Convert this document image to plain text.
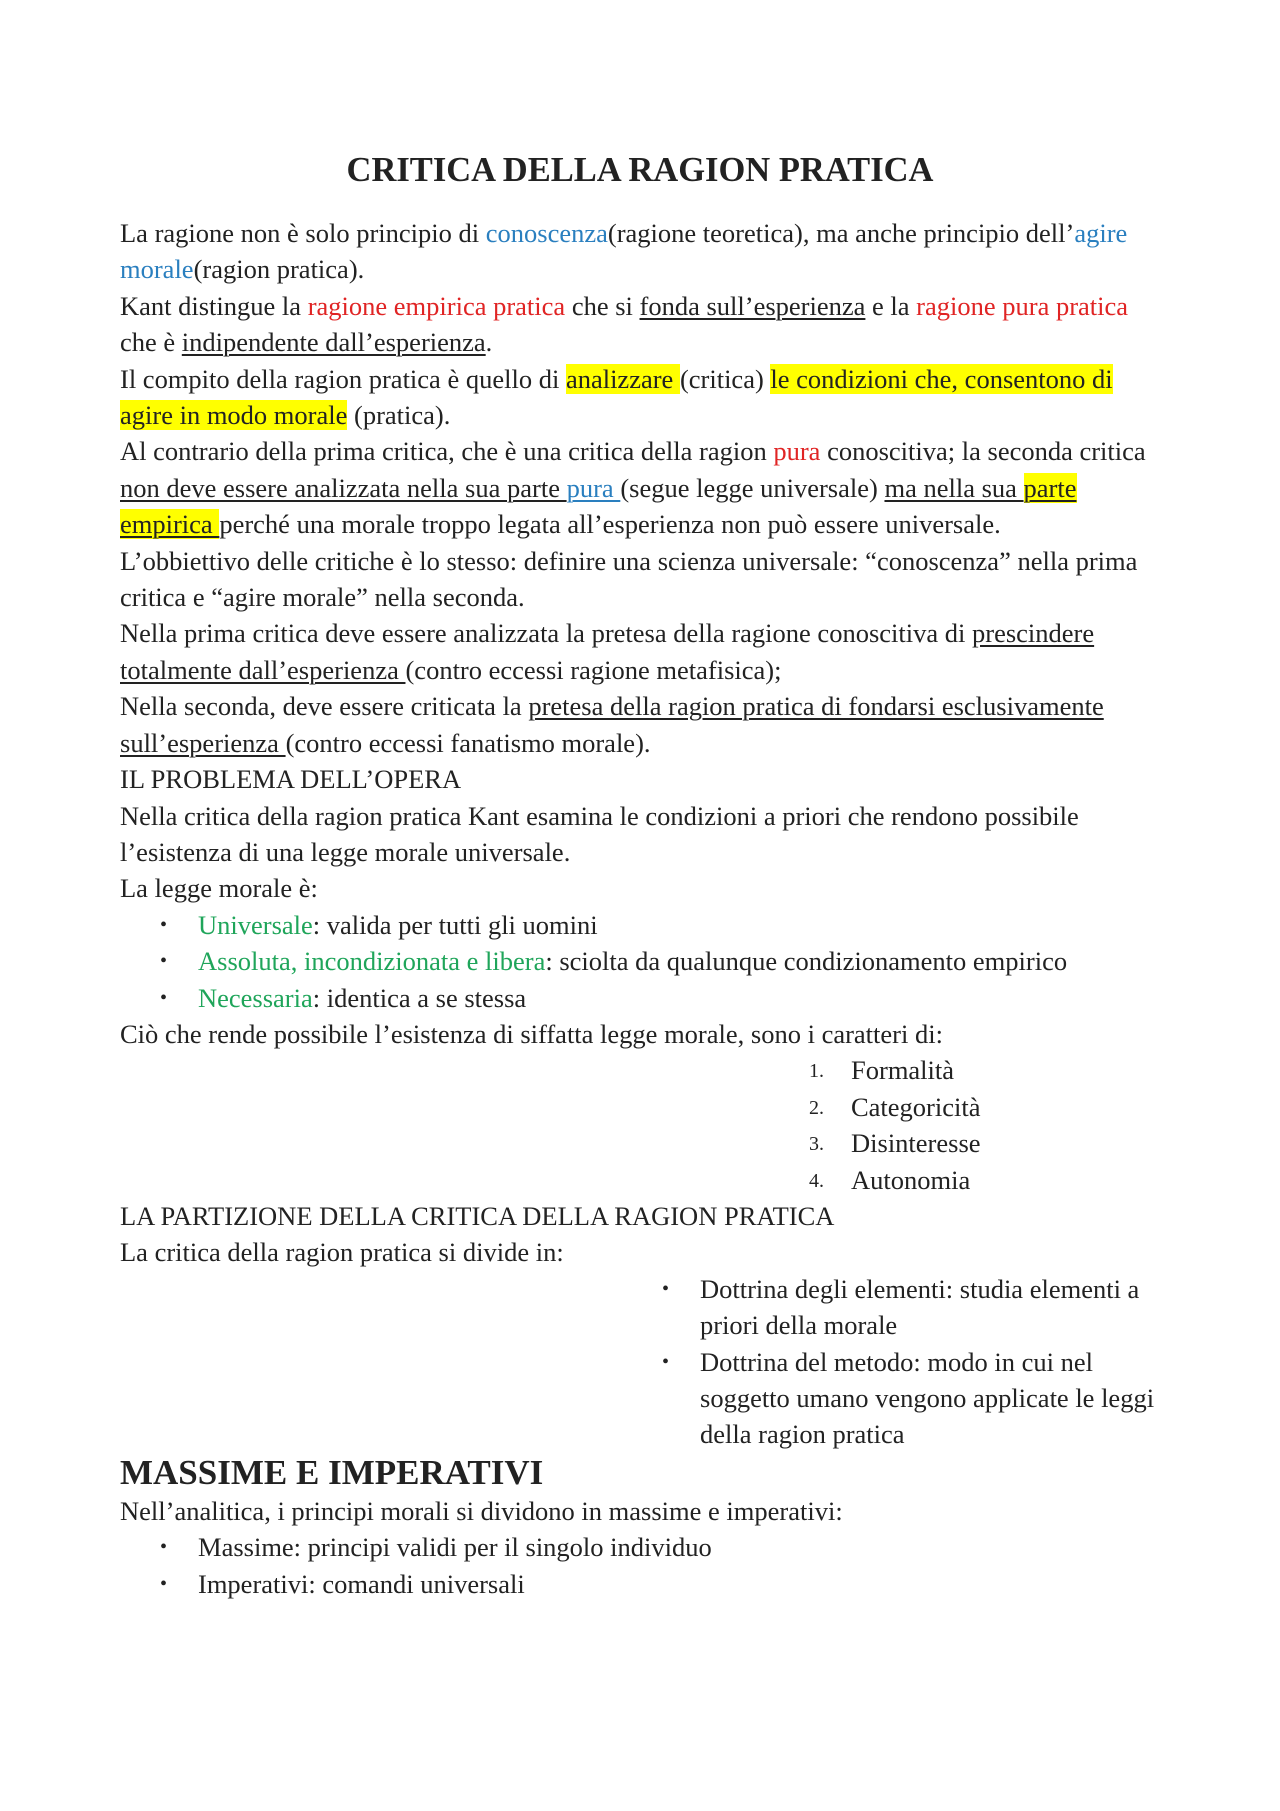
CRITICA DELLA RAGION PRATICA

La ragione non è solo principio di conoscenza(ragione teoretica), ma anche principio dell’agire morale(ragion pratica).

Kant distingue la ragione empirica pratica che si fonda sull’esperienza e la ragione pura pratica che è indipendente dall’esperienza.

Il compito della ragion pratica è quello di analizzare (critica) le condizioni che, consentono di agire in modo morale (pratica).

Al contrario della prima critica, che è una critica della ragion pura conoscitiva; la seconda critica non deve essere analizzata nella sua parte pura (segue legge universale) ma nella sua parte empirica perché una morale troppo legata all’esperienza non può essere universale.

L’obbiettivo delle critiche è lo stesso: definire una scienza universale: “conoscenza” nella prima critica e “agire morale” nella seconda.

Nella prima critica deve essere analizzata la pretesa della ragione conoscitiva di prescindere totalmente dall’esperienza (contro eccessi ragione metafisica);

Nella seconda, deve essere criticata la pretesa della ragion pratica di fondarsi esclusivamente sull’esperienza (contro eccessi fanatismo morale).

IL PROBLEMA DELL’OPERA

Nella critica della ragion pratica Kant esamina le condizioni a priori che rendono possibile l’esistenza di una legge morale universale.

La legge morale è:

• Universale: valida per tutti gli uomini
• Assoluta, incondizionata e libera: sciolta da qualunque condizionamento empirico
• Necessaria: identica a se stessa

Ciò che rende possibile l’esistenza di siffatta legge morale, sono i caratteri di:

1. Formalità
2. Categoricità
3. Disinteresse
4. Autonomia

LA PARTIZIONE DELLA CRITICA DELLA RAGION PRATICA

La critica della ragion pratica si divide in:

• Dottrina degli elementi: studia elementi a priori della morale
• Dottrina del metodo: modo in cui nel soggetto umano vengono applicate le leggi della ragion pratica

MASSIME E IMPERATIVI

Nell’analitica, i principi morali si dividono in massime e imperativi:

• Massime: principi validi per il singolo individuo
• Imperativi: comandi universali
